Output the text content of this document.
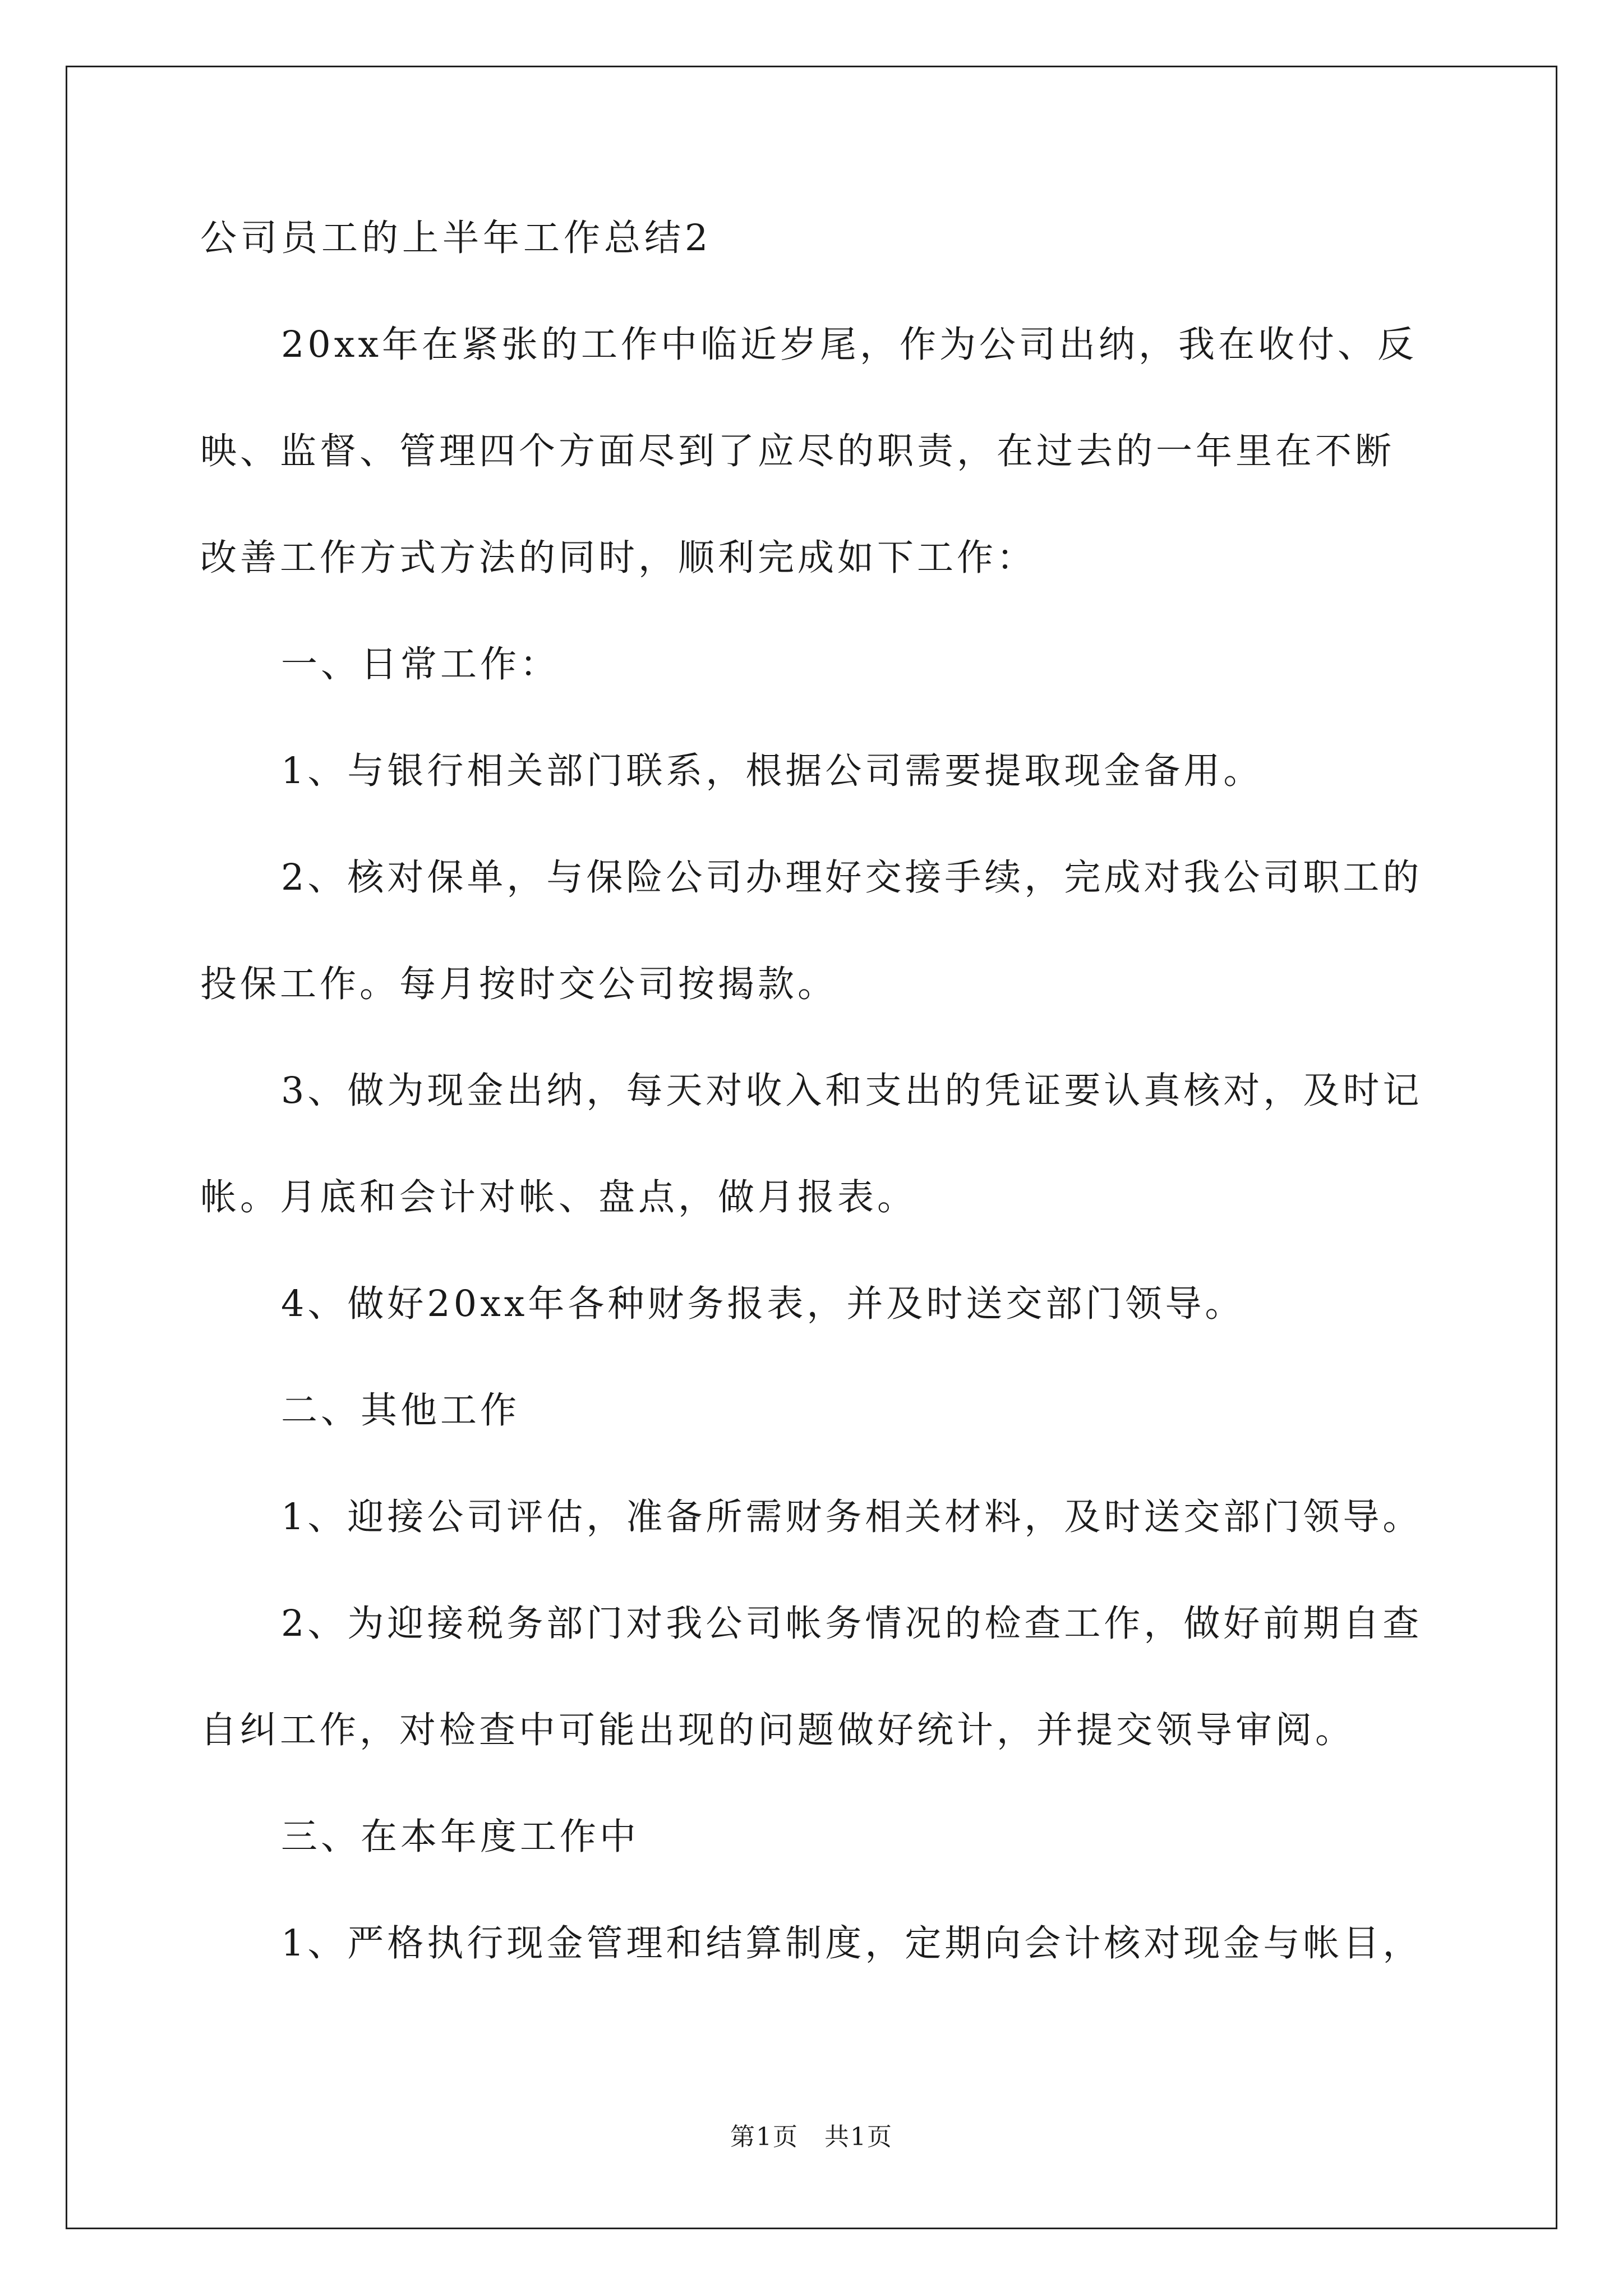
公司员工的上半年工作总结2
20xx年在紧张的工作中临近岁尾，作为公司出纳，我在收付、反
映、监督、管理四个方面尽到了应尽的职责，在过去的一年里在不断
改善工作方式方法的同时，顺利完成如下工作：
一、日常工作：
1、与银行相关部门联系，根据公司需要提取现金备用。
2、核对保单，与保险公司办理好交接手续，完成对我公司职工的
投保工作。每月按时交公司按揭款。
3、做为现金出纳，每天对收入和支出的凭证要认真核对，及时记
帐。月底和会计对帐、盘点，做月报表。
4、做好20xx年各种财务报表，并及时送交部门领导。
二、其他工作
1、迎接公司评估，准备所需财务相关材料，及时送交部门领导。
2、为迎接税务部门对我公司帐务情况的检查工作，做好前期自查
自纠工作，对检查中可能出现的问题做好统计，并提交领导审阅。
三、在本年度工作中
1、严格执行现金管理和结算制度，定期向会计核对现金与帐目，
第1页　共1页
